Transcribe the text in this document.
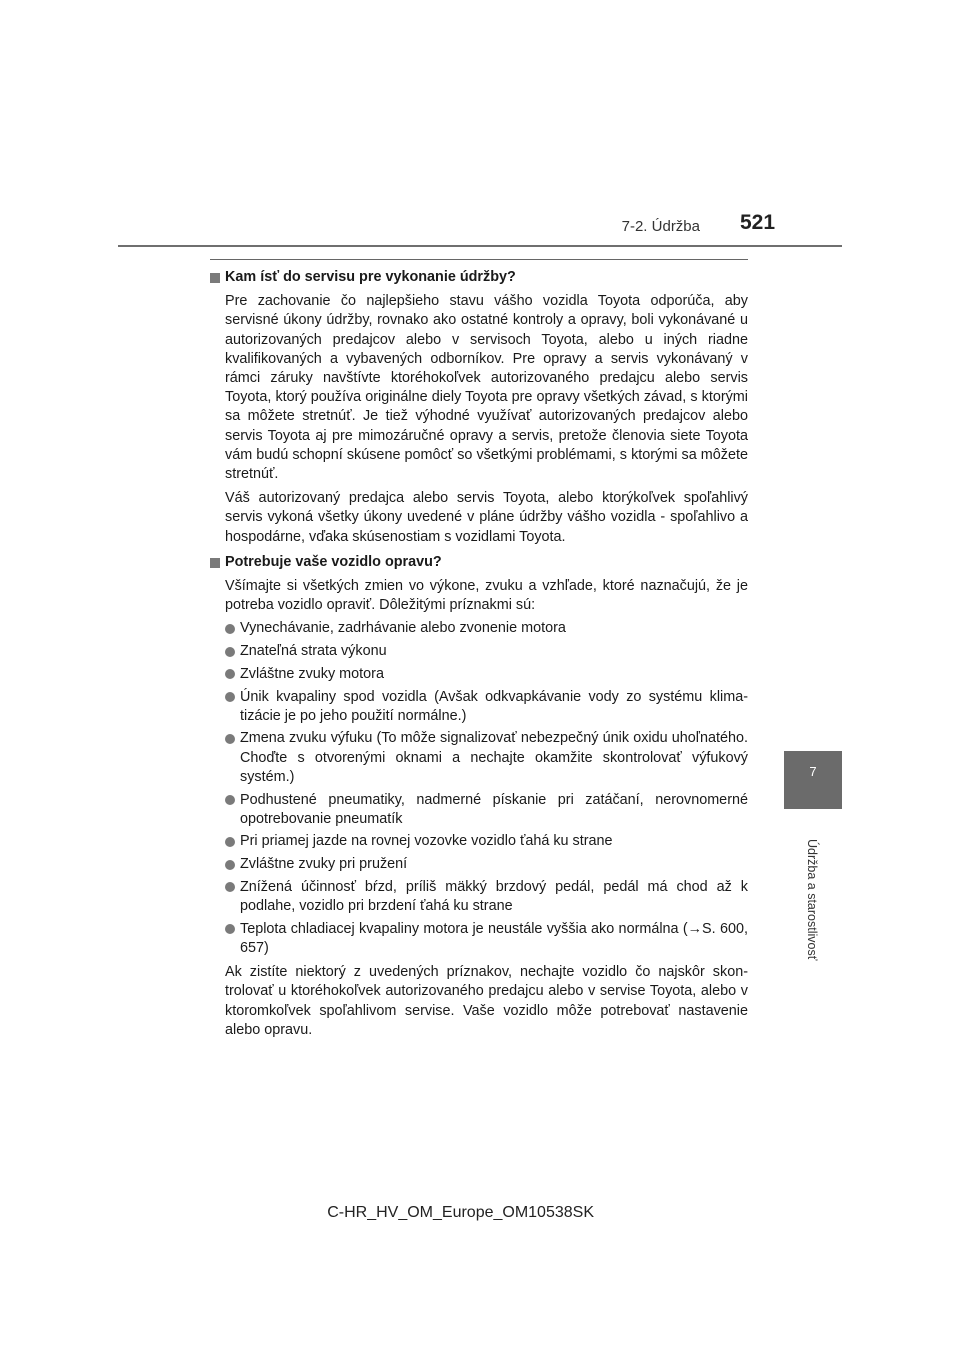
7-2. Údržba 521
7
Údržba a starostlivosť
Kam ísť do servisu pre vykonanie údržby?
Pre zachovanie čo najlepšieho stavu vášho vozidla Toyota odporúča, aby servisné úkony údržby, rovnako ako ostatné kontroly a opravy, boli vykonávané u autorizovaných predajcov alebo v servisoch Toyota, alebo u iných riadne kvalifikovaných a vybavených odborníkov. Pre opravy a servis vykonávaný v rámci záruky navštívte ktoréhokoľvek autorizovaného predajcu alebo servis Toyota, ktorý používa originálne diely Toyota pre opravy všetkých závad, s ktorými sa môžete stretnúť. Je tiež výhodné využívať autorizovaných predajcov alebo servis Toyota aj pre mimozáručné opravy a servis, pretože členovia siete Toyota vám budú schopní skúsene pomôcť so všetkými problémami, s ktorými sa môžete stretnúť.
Váš autorizovaný predajca alebo servis Toyota, alebo ktorýkoľvek spoľahlivý servis vykoná všetky úkony uvedené v pláne údržby vášho vozidla - spoľahlivo a hospodárne, vďaka skúsenostiam s vozidlami Toyota.
Potrebuje vaše vozidlo opravu?
Všímajte si všetkých zmien vo výkone, zvuku a vzhľade, ktoré naznačujú, že je potreba vozidlo opraviť. Dôležitými príznakmi sú:
Vynechávanie, zadrhávanie alebo zvonenie motora
Znateľná strata výkonu
Zvláštne zvuky motora
Únik kvapaliny spod vozidla (Avšak odkvapkávanie vody zo systému klimatizácie je po jeho použití normálne.)
Zmena zvuku výfuku (To môže signalizovať nebezpečný únik oxidu uhoľnatého. Choďte s otvorenými oknami a nechajte okamžite skontrolovať výfukový systém.)
Podhustené pneumatiky, nadmerné pískanie pri zatáčaní, nerovnomerné opotrebovanie pneumatík
Pri priamej jazde na rovnej vozovke vozidlo ťahá ku strane
Zvláštne zvuky pri pružení
Znížená účinnosť bŕzd, príliš mäkký brzdový pedál, pedál má chod až k podlahe, vozidlo pri brzdení ťahá ku strane
Teplota chladiacej kvapaliny motora je neustále vyššia ako normálna (→S. 600, 657)
Ak zistíte niektorý z uvedených príznakov, nechajte vozidlo čo najskôr skontrolovať u ktoréhokoľvek autorizovaného predajcu alebo v servise Toyota, alebo v ktoromkoľvek spoľahlivom servise. Vaše vozidlo môže potrebovať nastavenie alebo opravu.
C-HR_HV_OM_Europe_OM10538SK
